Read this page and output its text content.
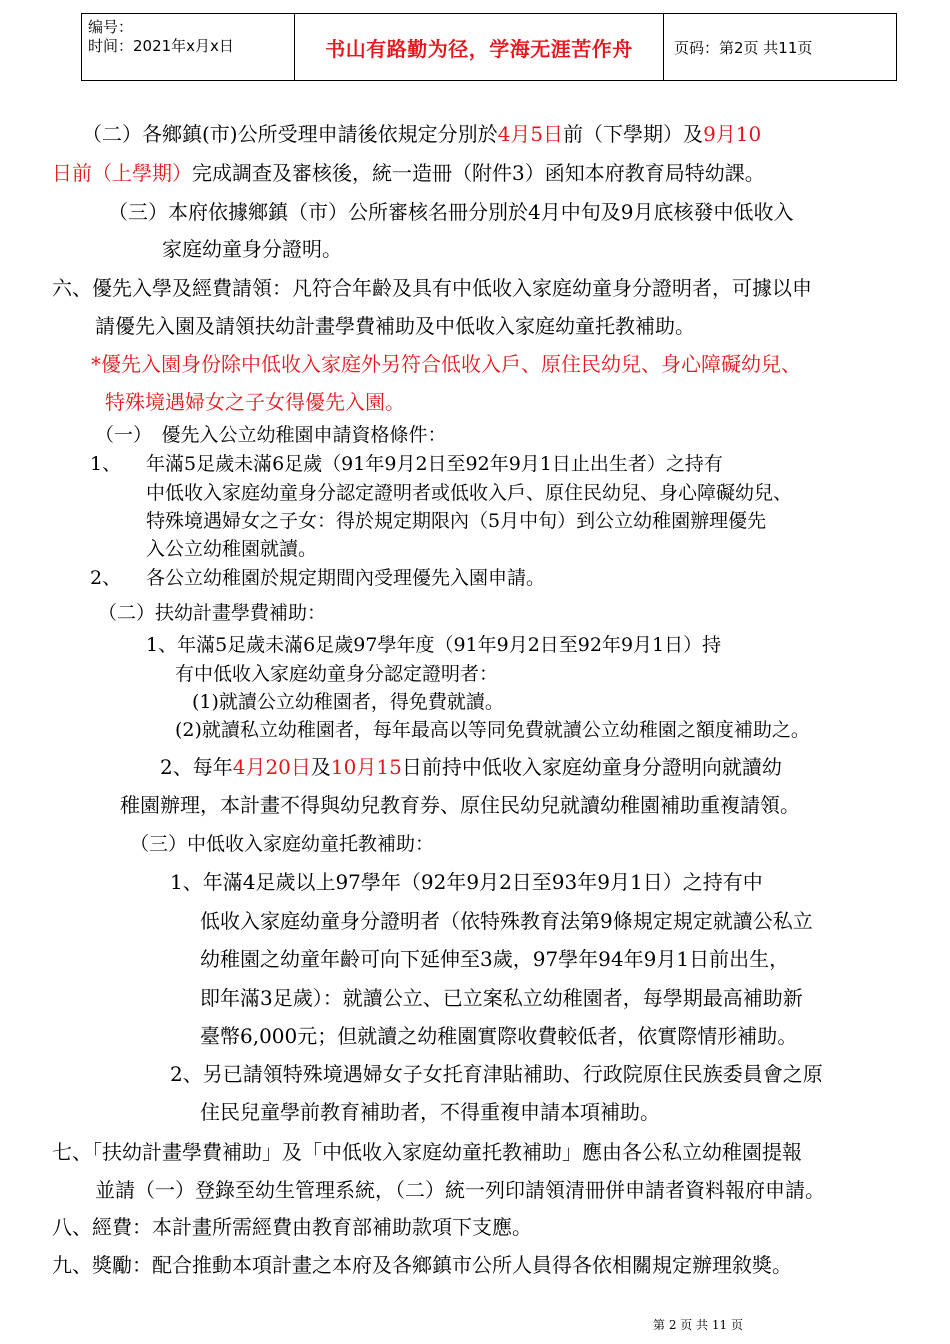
编号：
时间：2021年x月x日	书山有路勤为径，学海无涯苦作舟	页码：第2页 共11页
（二）各鄉鎮(市)公所受理申請後依規定分別於4月5日前（下學期）及9月10
日前（上學期）完成調查及審核後，統一造冊（附件3）函知本府教育局特幼課。
（三）本府依據鄉鎮（市）公所審核名冊分別於4月中旬及9月底核發中低收入
家庭幼童身分證明。
六、優先入學及經費請領：凡符合年齡及具有中低收入家庭幼童身分證明者，可據以申
請優先入園及請領扶幼計畫學費補助及中低收入家庭幼童托教補助。
*優先入園身份除中低收入家庭外另符合低收入戶、原住民幼兒、身心障礙幼兒、
特殊境遇婦女之子女得優先入園。
（一）　優先入公立幼稚園申請資格條件：
1、 年滿5足歲未滿6足歲（91年9月2日至92年9月1日止出生者）之持有
中低收入家庭幼童身分認定證明者或低收入戶、原住民幼兒、身心障礙幼兒、
特殊境遇婦女之子女：得於規定期限內（5月中旬）到公立幼稚園辦理優先
入公立幼稚園就讀。
2、 各公立幼稚園於規定期間內受理優先入園申請。
（二）扶幼計畫學費補助：
1、年滿5足歲未滿6足歲97學年度（91年9月2日至92年9月1日）持
有中低收入家庭幼童身分認定證明者：
(1)就讀公立幼稚園者，得免費就讀。
(2)就讀私立幼稚園者，每年最高以等同免費就讀公立幼稚園之額度補助之。
2、每年4月20日及10月15日前持中低收入家庭幼童身分證明向就讀幼
稚園辦理，本計畫不得與幼兒教育券、原住民幼兒就讀幼稚園補助重複請領。
（三）中低收入家庭幼童托教補助：
1、年滿4足歲以上97學年（92年9月2日至93年9月1日）之持有中
低收入家庭幼童身分證明者（依特殊教育法第9條規定規定就讀公私立
幼稚園之幼童年齡可向下延伸至3歲，97學年94年9月1日前出生，
即年滿3足歲）：就讀公立、已立案私立幼稚園者，每學期最高補助新
臺幣6,000元；但就讀之幼稚園實際收費較低者，依實際情形補助。
2、另已請領特殊境遇婦女子女托育津貼補助、行政院原住民族委員會之原
住民兒童學前教育補助者，不得重複申請本項補助。
七、「扶幼計畫學費補助」及「中低收入家庭幼童托教補助」應由各公私立幼稚園提報
並請（一）登錄至幼生管理系統，（二）統一列印請領清冊併申請者資料報府申請。
八、經費：本計畫所需經費由教育部補助款項下支應。
九、獎勵：配合推動本項計畫之本府及各鄉鎮市公所人員得各依相關規定辦理敘獎。
第 2 页 共 11 页
